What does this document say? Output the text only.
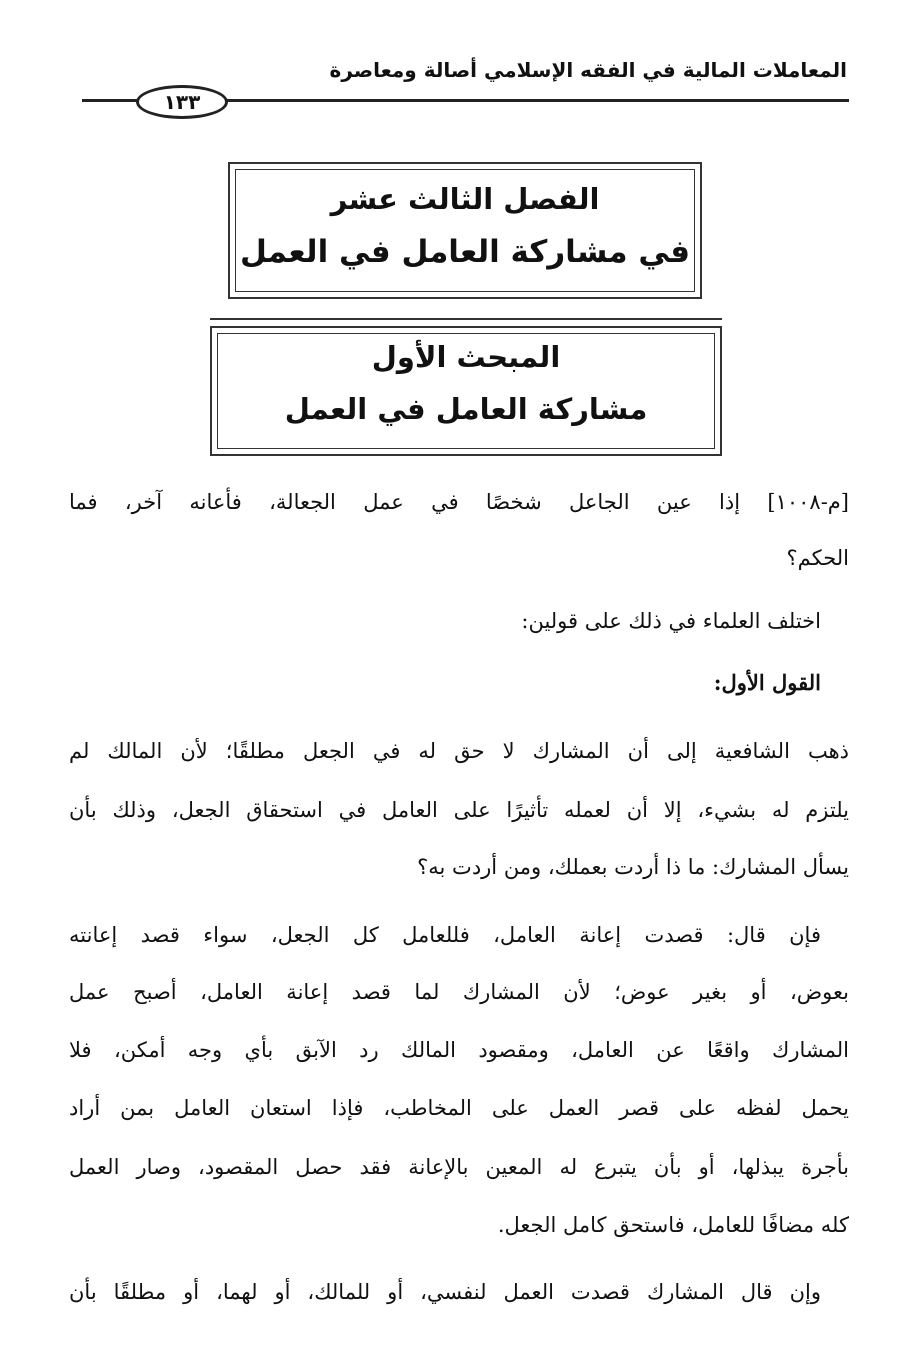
المعاملات المالية في الفقه الإسلامي أصالة ومعاصرة
١٣٣
الفصل الثالث عشر
في مشاركة العامل في العمل
المبحث الأول
مشاركة العامل في العمل
[م-١٠٠٨] إذا عين الجاعل شخصًا في عمل الجعالة، فأعانه آخر، فما
الحكم؟
اختلف العلماء في ذلك على قولين:
القول الأول:
ذهب الشافعية إلى أن المشارك لا حق له في الجعل مطلقًا؛ لأن المالك لم
يلتزم له بشيء، إلا أن لعمله تأثيرًا على العامل في استحقاق الجعل، وذلك بأن
يسأل المشارك: ما ذا أردت بعملك، ومن أردت به؟
فإن قال: قصدت إعانة العامل، فللعامل كل الجعل، سواء قصد إعانته
بعوض، أو بغير عوض؛ لأن المشارك لما قصد إعانة العامل، أصبح عمل
المشارك واقعًا عن العامل، ومقصود المالك رد الآبق بأي وجه أمكن، فلا
يحمل لفظه على قصر العمل على المخاطب، فإذا استعان العامل بمن أراد
بأجرة يبذلها، أو بأن يتبرع له المعين بالإعانة فقد حصل المقصود، وصار العمل
كله مضافًا للعامل، فاستحق كامل الجعل.
وإن قال المشارك قصدت العمل لنفسي، أو للمالك، أو لهما، أو مطلقًا بأن
